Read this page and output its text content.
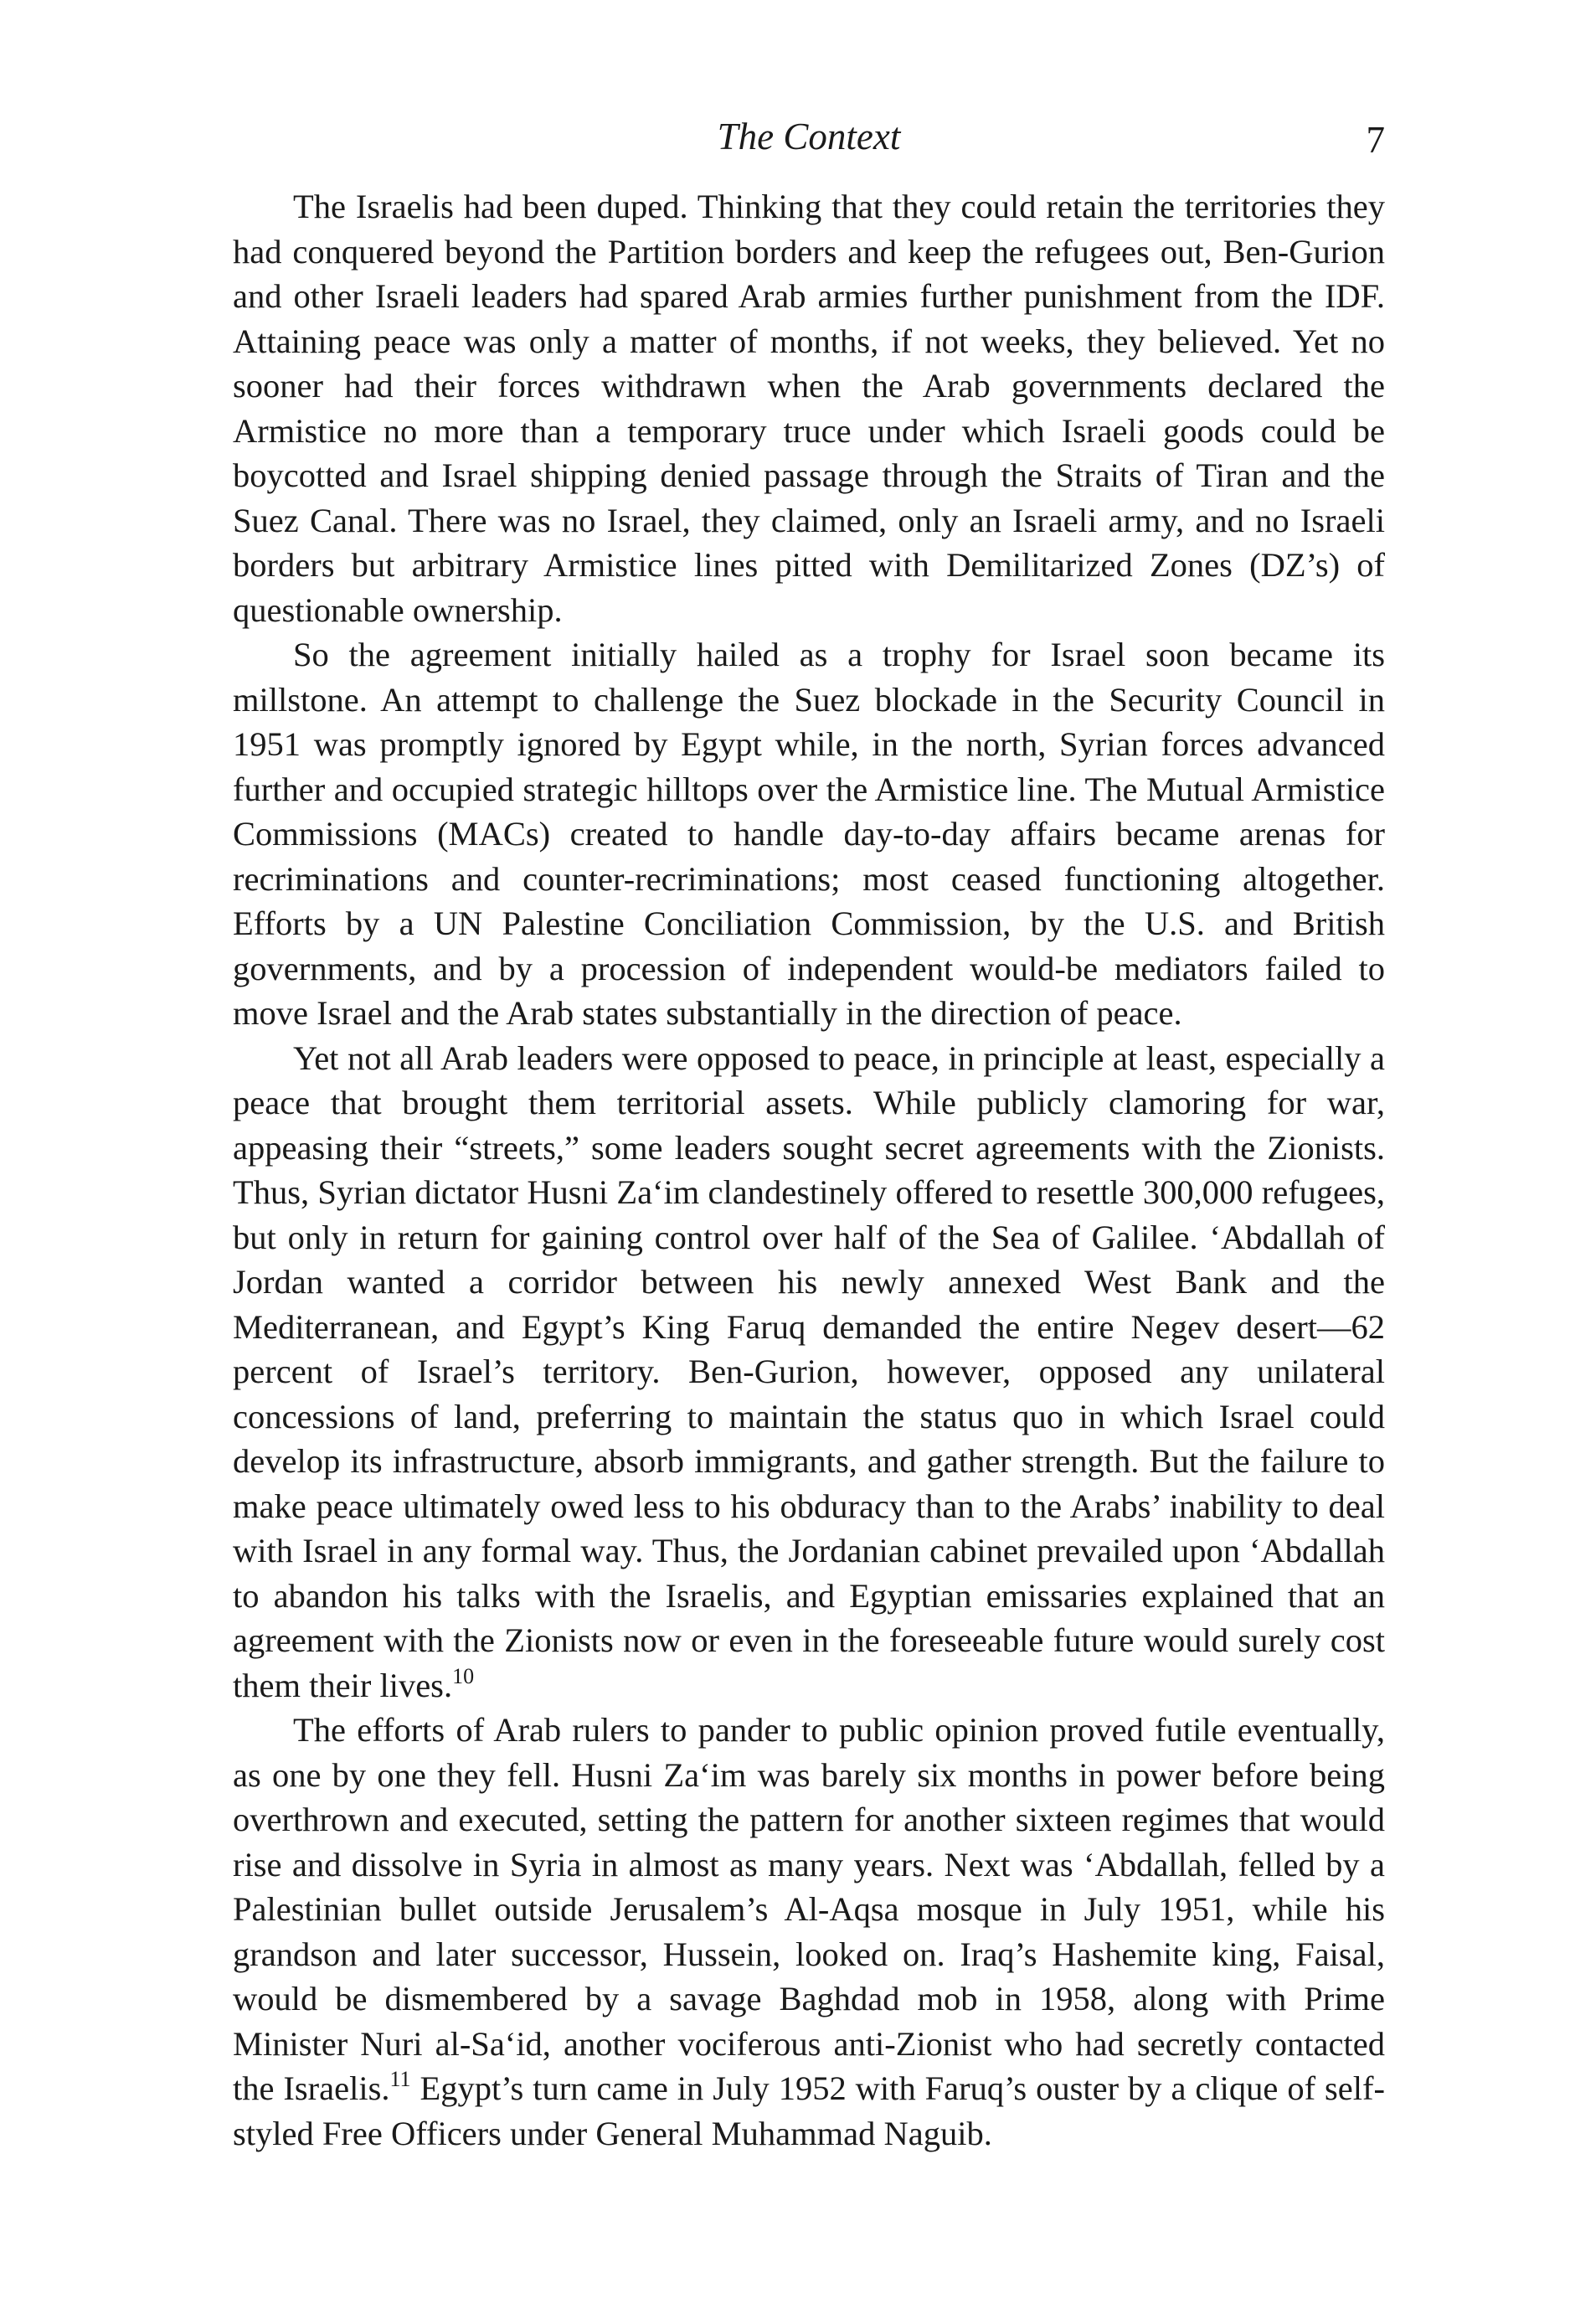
The Context	7

The Israelis had been duped. Thinking that they could retain the territories they had conquered beyond the Partition borders and keep the refugees out, Ben-Gurion and other Israeli leaders had spared Arab armies further punishment from the IDF. Attaining peace was only a matter of months, if not weeks, they believed. Yet no sooner had their forces withdrawn when the Arab governments declared the Armistice no more than a temporary truce under which Israeli goods could be boycotted and Israel shipping denied passage through the Straits of Tiran and the Suez Canal. There was no Israel, they claimed, only an Israeli army, and no Israeli borders but arbitrary Armistice lines pitted with Demilitarized Zones (DZ’s) of questionable ownership.

So the agreement initially hailed as a trophy for Israel soon became its millstone. An attempt to challenge the Suez blockade in the Security Council in 1951 was promptly ignored by Egypt while, in the north, Syrian forces advanced further and occupied strategic hilltops over the Armistice line. The Mutual Armistice Commissions (MACs) created to handle day-to-day affairs became arenas for recriminations and counter-recriminations; most ceased functioning altogether. Efforts by a UN Palestine Conciliation Commission, by the U.S. and British governments, and by a procession of independent would-be mediators failed to move Israel and the Arab states substantially in the direction of peace.

Yet not all Arab leaders were opposed to peace, in principle at least, especially a peace that brought them territorial assets. While publicly clamoring for war, appeasing their “streets,” some leaders sought secret agreements with the Zionists. Thus, Syrian dictator Husni Za‘im clandestinely offered to resettle 300,000 refugees, but only in return for gaining control over half of the Sea of Galilee. ‘Abdallah of Jordan wanted a corridor between his newly annexed West Bank and the Mediterranean, and Egypt’s King Faruq demanded the entire Negev desert—62 percent of Israel’s territory. Ben-Gurion, however, opposed any unilateral concessions of land, preferring to maintain the status quo in which Israel could develop its infrastructure, absorb immigrants, and gather strength. But the failure to make peace ultimately owed less to his obduracy than to the Arabs’ inability to deal with Israel in any formal way. Thus, the Jordanian cabinet prevailed upon ‘Abdallah to abandon his talks with the Israelis, and Egyptian emissaries explained that an agreement with the Zionists now or even in the foreseeable future would surely cost them their lives.$^{10}$

The efforts of Arab rulers to pander to public opinion proved futile eventually, as one by one they fell. Husni Za‘im was barely six months in power before being overthrown and executed, setting the pattern for another sixteen regimes that would rise and dissolve in Syria in almost as many years. Next was ‘Abdallah, felled by a Palestinian bullet outside Jerusalem’s Al-Aqsa mosque in July 1951, while his grandson and later successor, Hussein, looked on. Iraq’s Hashemite king, Faisal, would be dismembered by a savage Baghdad mob in 1958, along with Prime Minister Nuri al-Sa‘id, another vociferous anti-Zionist who had secretly contacted the Israelis.$^{11}$ Egypt’s turn came in July 1952 with Faruq’s ouster by a clique of self-styled Free Officers under General Muhammad Naguib.
